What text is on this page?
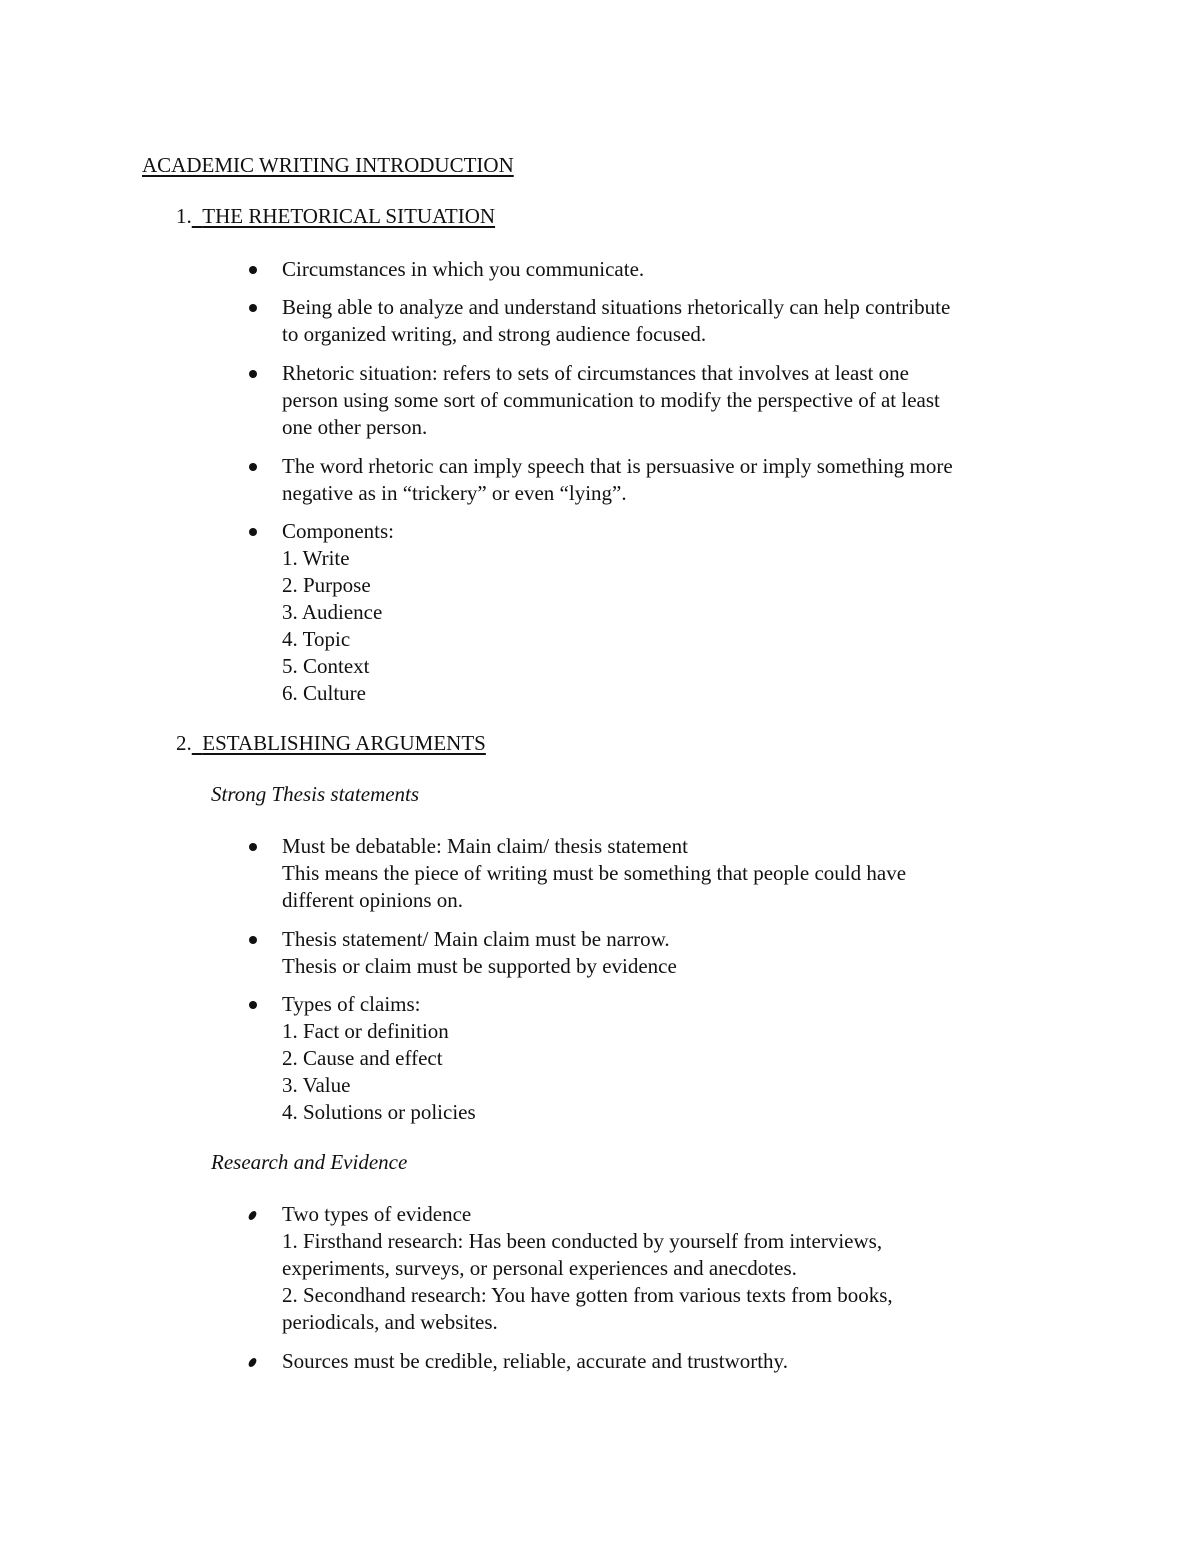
ACADEMIC WRITING INTRODUCTION
1. THE RHETORICAL SITUATION
Circumstances in which you communicate.
Being able to analyze and understand situations rhetorically can help contribute
to organized writing, and strong audience focused.
Rhetoric situation: refers to sets of circumstances that involves at least one
person using some sort of communication to modify the perspective of at least
one other person.
The word rhetoric can imply speech that is persuasive or imply something more
negative as in “trickery” or even “lying”.
Components:
1. Write
2. Purpose
3. Audience
4. Topic
5. Context
6. Culture
2. ESTABLISHING ARGUMENTS
Strong Thesis statements
Must be debatable: Main claim/ thesis statement
This means the piece of writing must be something that people could have
different opinions on.
Thesis statement/ Main claim must be narrow.
Thesis or claim must be supported by evidence
Types of claims:
1. Fact or definition
2. Cause and effect
3. Value
4. Solutions or policies
Research and Evidence
Two types of evidence
1. Firsthand research: Has been conducted by yourself from interviews,
experiments, surveys, or personal experiences and anecdotes.
2. Secondhand research: You have gotten from various texts from books,
periodicals, and websites.
Sources must be credible, reliable, accurate and trustworthy.
